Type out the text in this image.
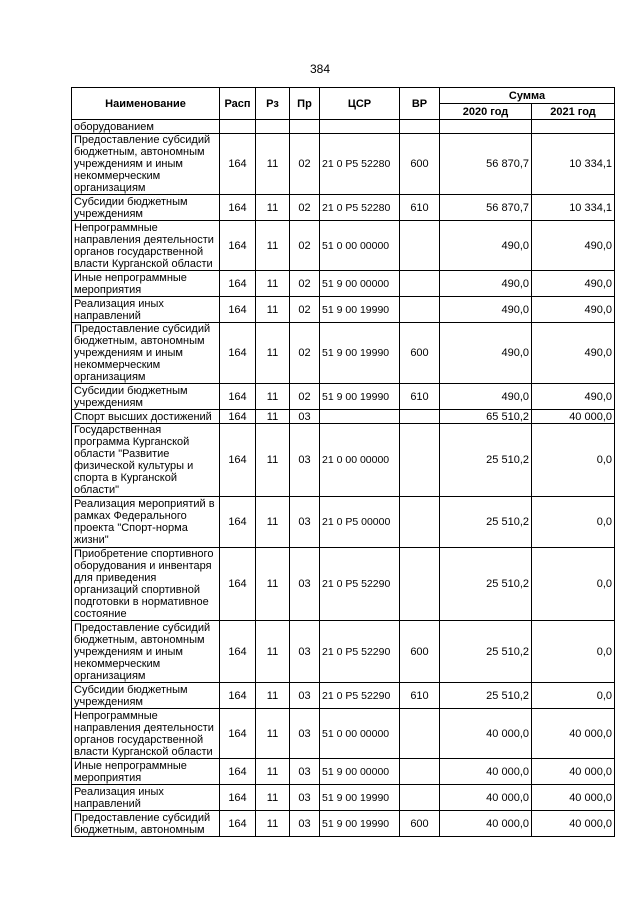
384
Наименование	Расп	Рз	Пр	ЦСР	ВР	Сумма	
						2020 год	2021 год
оборудованием							
Предоставление субсидий бюджетным, автономным учреждениям и иным некоммерческим организациям	164	11	02	21 0 P5 52280	600	56 870,7	10 334,1
Субсидии бюджетным учреждениям	164	11	02	21 0 P5 52280	610	56 870,7	10 334,1
Непрограммные направления деятельности органов государственной власти Курганской области	164	11	02	51 0 00 00000		490,0	490,0
Иные непрограммные мероприятия	164	11	02	51 9 00 00000		490,0	490,0
Реализация иных направлений	164	11	02	51 9 00 19990		490,0	490,0
Предоставление субсидий бюджетным, автономным учреждениям и иным некоммерческим организациям	164	11	02	51 9 00 19990	600	490,0	490,0
Субсидии бюджетным учреждениям	164	11	02	51 9 00 19990	610	490,0	490,0
Спорт высших достижений	164	11	03			65 510,2	40 000,0
Государственная программа Курганской области "Развитие физической культуры и спорта в Курганской области"	164	11	03	21 0 00 00000		25 510,2	0,0
Реализация мероприятий в рамках Федерального проекта "Спорт-норма жизни"	164	11	03	21 0 P5 00000		25 510,2	0,0
Приобретение спортивного оборудования и инвентаря для приведения организаций спортивной подготовки в нормативное состояние	164	11	03	21 0 P5 52290		25 510,2	0,0
Предоставление субсидий бюджетным, автономным учреждениям и иным некоммерческим организациям	164	11	03	21 0 P5 52290	600	25 510,2	0,0
Субсидии бюджетным учреждениям	164	11	03	21 0 P5 52290	610	25 510,2	0,0
Непрограммные направления деятельности органов государственной власти Курганской области	164	11	03	51 0 00 00000		40 000,0	40 000,0
Иные непрограммные мероприятия	164	11	03	51 9 00 00000		40 000,0	40 000,0
Реализация иных направлений	164	11	03	51 9 00 19990		40 000,0	40 000,0
Предоставление субсидий бюджетным, автономным	164	11	03	51 9 00 19990	600	40 000,0	40 000,0
